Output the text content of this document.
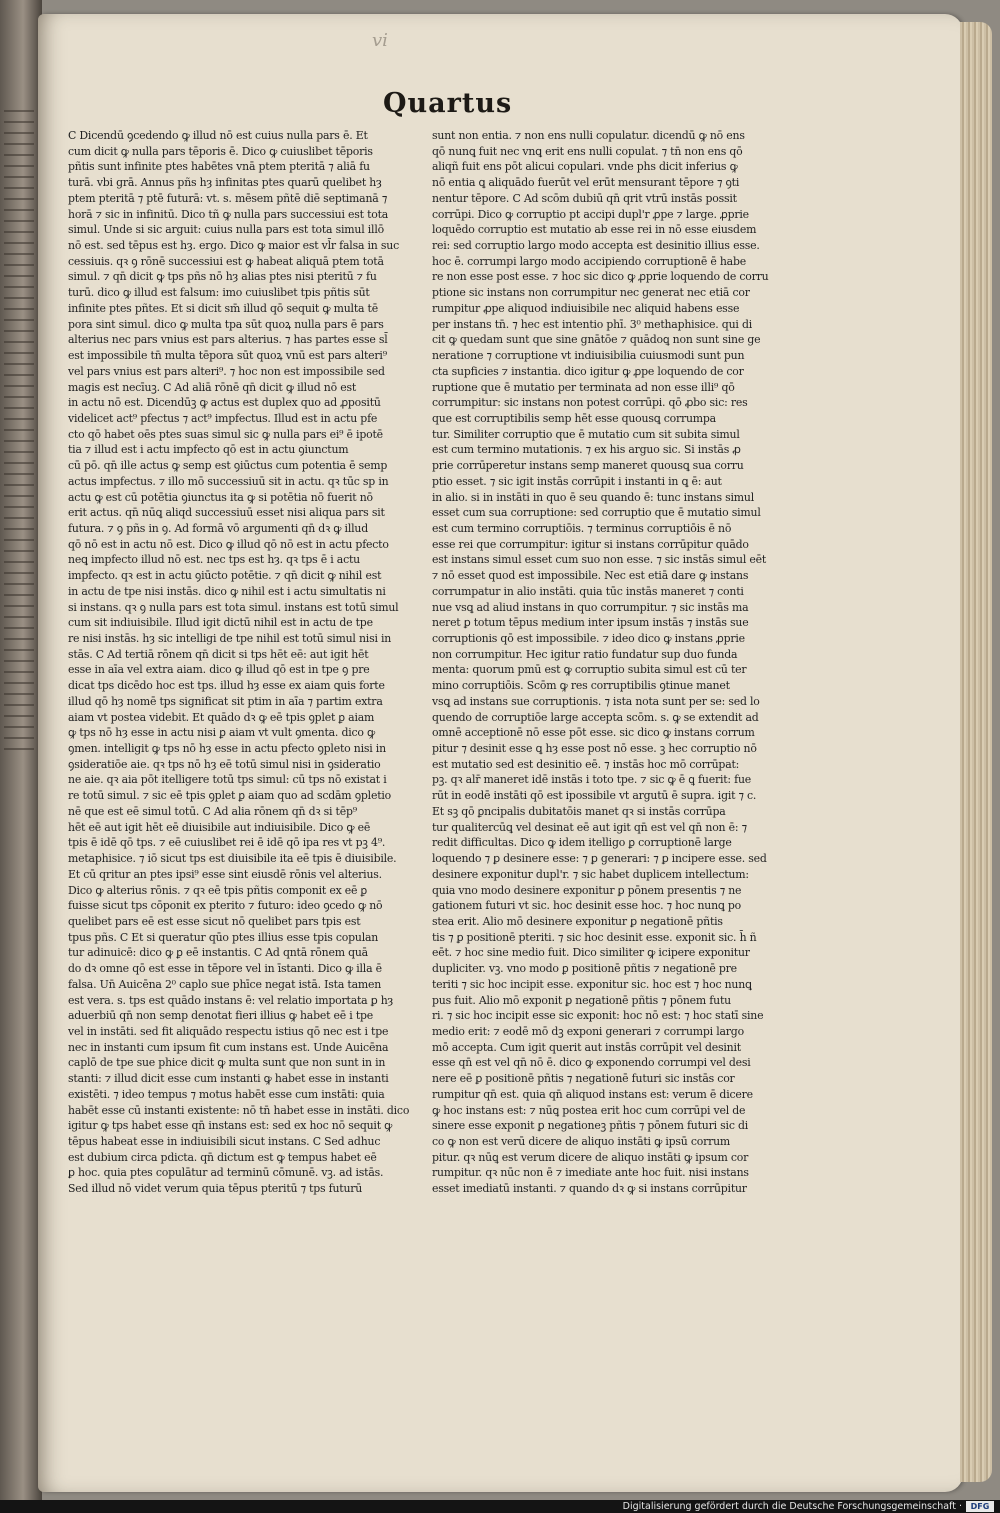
vi
Quartus
C Dicendū ꝯcedendo ꝙ illud nō est cuius nulla pars ē. Et
cum dicit ꝙ nulla pars tēporis ē. Dico ꝙ cuiuslibet tēporis
pñtis sunt infinite ptes habētes vnā ptem pteritā ⁊ aliā fu
turā. vbi grā. Annus pñs hȝ infinitas ptes quarū quelibet hȝ
ptem pteritā ⁊ ptē futurā: vt. s. mēsem pñtē diē septimanā ⁊
horā ⁊ sic in infinitū. Dico tñ ꝙ nulla pars successiui est tota
simul. Unde si sic arguit: cuius nulla pars est tota simul illō
nō est. sed tēpus est hȝ. ergo. Dico ꝙ maior est vl̄r falsa in suc
cessiuis. qꝛ ꝯ rōnē successiui est ꝙ habeat aliquā ptem totā
simul. ⁊ qn̄ dicit ꝙ tps pñs nō hȝ alias ptes nisi pteritū ⁊ fu
turū. dico ꝙ illud est falsum: imo cuiuslibet tpis pñtis sūt
infinite ptes pñtes. Et si dicit sm̄ illud qō sequit ꝙ multa tē
pora sint simul. dico ꝙ multa tpa sūt quoꝝ nulla pars ē pars
alterius nec pars vnius est pars alterius. ⁊ has partes esse sl̄
est impossibile tn̄ multa tēpora sūt quoꝝ vnū est pars alteri⁹
vel pars vnius est pars alteri⁹. ⁊ hoc non est impossibile sed
magis est necīuꝫ. C Ad aliā rōnē qn̄ dicit ꝙ illud nō est
in actu nō est. Dicendūꝫ ꝙ actus est duplex quo ad ꝓpositū
videlicet act⁹ pfectus ⁊ act⁹ impfectus. Illud est in actu pfe
cto qō habet oēs ptes suas simul sic ꝙ nulla pars ei⁹ ē ipotē
tia ⁊ illud est i actu impfecto qō est in actu ꝯiunctum
cū pō. qn̄ ille actus ꝙ semp est ꝯiūctus cum potentia ē semp
actus impfectus. ⁊ illo mō successiuū sit in actu. qꝛ tūc sp in
actu ꝙ est cū potētia ꝯiunctus ita ꝙ si potētia nō fuerit nō
erit actus. qn̄ nūꝗ aliqd successiuū esset nisi aliqua pars sit
futura. ⁊ ꝯ pñs in ꝯ. Ad formā vō argumenti qn̄ dꝛ ꝙ illud
qō nō est in actu nō est. Dico ꝙ illud qō nō est in actu pfecto
neꝗ impfecto illud nō est. nec tps est hȝ. qꝛ tps ē i actu
impfecto. qꝛ est in actu ꝯiūcto potētie. ⁊ qn̄ dicit ꝙ nihil est
in actu de tpe nisi instās. dico ꝙ nihil est i actu simultatis ni
si instans. qꝛ ꝯ nulla pars est tota simul. instans est totū simul
cum sit indiuisibile. Illud igit dictū nihil est in actu de tpe
re nisi instās. hȝ sic intelligi de tpe nihil est totū simul nisi in
stās. C Ad tertiā rōnem qn̄ dicit si tps hēt eē: aut igit hēt
esse in aīa vel extra aiam. dico ꝙ illud qō est in tpe ꝯ pre
dicat tps dicēdo hoc est tps. illud hȝ esse ex aiam ꝗuis forte
illud qō hȝ nomē tps significat sit ptim in aīa ⁊ partim extra
aiam vt postea videbit. Et quādo dꝛ ꝙ eē tpis ꝯplet ꝑ aiam
ꝙ tps nō hȝ esse in actu nisi ꝑ aiam vt vult ꝯmenta. dico ꝙ
ꝯmen. intelligit ꝙ tps nō hȝ esse in actu pfecto ꝯpleto nisi in
ꝯsideratiōe aie. qꝛ tps nō hȝ eē totū simul nisi in ꝯsideratio
ne aie. qꝛ aia pōt itelligere totū tps simul: cū tps nō existat i
re totū simul. ⁊ sic eē tpis ꝯplet ꝑ aiam quo ad scdām ꝯpletio
nē que est eē simul totū. C Ad alia rōnem qn̄ dꝛ si tēp⁹
hēt eē aut igit hēt eē diuisibile aut indiuisibile. Dico ꝙ eē
tpis ē idē qō tps. ⁊ eē cuiuslibet rei ē idē qō ipa res vt pꝫ 4⁹.
metaphisice. ⁊ iō sicut tps est diuisibile ita eē tpis ē diuisibile.
Et cū qritur an ptes ipsi⁹ esse sint eiusdē rōnis vel alterius.
Dico ꝙ alterius rōnis. ⁊ qꝛ eē tpis pñtis componit ex eē ꝑ
fuisse sicut tps cōponit ex pterito ⁊ futuro: ideo ꝯcedo ꝙ nō
quelibet pars eē est esse sicut nō quelibet pars tpis est
tpus pñs. C Et si queratur qūo ptes illius esse tpis copulan
tur adinuicē: dico ꝙ ꝑ eē instantis. C Ad qntā rōnem quā
do dꝛ omne qō est esse in tēpore vel in īstanti. Dico ꝙ illa ē
falsa. Un̄ Auicēna 2⁰ caplo sue phīce negat istā. Ista tamen
est vera. s. tps est quādo instans ē: vel relatio importata ꝑ hȝ
aduerbiū qn̄ non semp denotat fieri illius ꝙ habet eē i tpe
vel in instāti. sed fit aliquādo respectu istius qō nec est i tpe
nec in instanti cum ipsum fit cum instans est. Unde Auicēna
caplō de tpe sue phice dicit ꝙ multa sunt que non sunt in in
stanti: ⁊ illud dicit esse cum instanti ꝙ habet esse in instanti
existēti. ⁊ ideo tempus ⁊ motus habēt esse cum instāti: quia
habēt esse cū instanti existente: nō tn̄ habet esse in instāti. dico
igitur ꝙ tps habet esse qn̄ instans est: sed ex hoc nō sequit ꝙ
tēpus habeat esse in indiuisibili sicut instans. C Sed adhuc
est dubium circa pdicta. qn̄ dictum est ꝙ tempus habet eē
ꝑ hoc. quia ptes copulātur ad terminū cōmunē. vꝫ. ad istās.
Sed illud nō videt verum quia tēpus pteritū ⁊ tps futurū
sunt non entia. ⁊ non ens nulli copulatur. dicendū ꝙ nō ens
qō nunꝗ fuit nec vnꝗ erit ens nulli copulat. ⁊ tn̄ non ens qō
aliqñ fuit ens pōt alicui copulari. vnde phs dicit inferius ꝙ
nō entia ꝗ aliquādo fuerūt vel erūt mensurant tēpore ⁊ ꝯti
nentur tēpore. C Ad scōm dubiū qn̄ qrit vtrū instās possit
corrūpi. Dico ꝙ corruptio pt accipi dupl'r ꝓpe ⁊ large. ꝓprie
loquēdo corruptio est mutatio ab esse rei in nō esse eiusdem
rei: sed corruptio largo modo accepta est desinitio illius esse.
hoc ē. corrumpi largo modo accipiendo corruptionē ē habe
re non esse post esse. ⁊ hoc sic dico ꝙ ꝓprie loquendo de corru
ptione sic instans non corrumpitur nec generat nec etiā cor
rumpitur ꝓpe aliquod indiuisibile nec aliquid habens esse
per instans tn̄. ⁊ hec est intentio phī. 3⁰ methaphisice. qui di
cit ꝙ quedam sunt que sine gnātōe ⁊ quādoꝗ non sunt sine ge
neratione ⁊ corruptione vt indiuisibilia cuiusmodi sunt pun
cta supficies ⁊ instantia. dico igitur ꝙ ꝓpe loquendo de cor
ruptione que ē mutatio per terminata ad non esse illi⁹ qō
corrumpitur: sic instans non potest corrūpi. qō ꝓbo sic: res
que est corruptibilis semp hēt esse quousꝗ corrumpa
tur. Similiter corruptio que ē mutatio cum sit subita simul
est cum termino mutationis. ⁊ ex his arguo sic. Si instās ꝓ
prie corrūperetur instans semp maneret quousꝗ sua corru
ptio esset. ⁊ sic igit instās corrūpit i instanti in ꝗ ē: aut
in alio. si in instāti in quo ē seu quando ē: tunc instans simul
esset cum sua corruptione: sed corruptio que ē mutatio simul
est cum termino corruptiōis. ⁊ terminus corruptiōis ē nō
esse rei que corrumpitur: igitur si instans corrūpitur quādo
est instans simul esset cum suo non esse. ⁊ sic instās simul eēt
⁊ nō esset quod est impossibile. Nec est etiā dare ꝙ instans
corrumpatur in alio instāti. quia tūc instās maneret ⁊ conti
nue vsꝗ ad aliud instans in quo corrumpitur. ⁊ sic instās ma
neret ꝑ totum tēpus medium inter ipsum instās ⁊ instās sue
corruptionis qō est impossibile. ⁊ ideo dico ꝙ instans ꝓprie
non corrumpitur. Hec igitur ratio fundatur sup duo funda
menta: quorum pmū est ꝙ corruptio subita simul est cū ter
mino corruptiōis. Scōm ꝙ res corruptibilis ꝯtinue manet
vsꝗ ad instans sue corruptionis. ⁊ ista nota sunt per se: sed lo
quendo de corruptiōe large accepta scōm. s. ꝙ se extendit ad
omnē acceptionē nō esse pōt esse. sic dico ꝙ instans corrum
pitur ⁊ desinit esse ꝗ hȝ esse post nō esse. ꝫ hec corruptio nō
est mutatio sed est desinitio eē. ⁊ instās hoc mō corrūpat:
pꝫ. qꝛ alr̄ maneret idē instās i toto tpe. ⁊ sic ꝙ ē ꝗ fuerit: fue
rūt in eodē instāti qō est ipossibile vt argutū ē supra. igit ⁊ c.
Et sꝫ qō ꝑncipalis dubitatōis manet qꝛ si instās corrūpa
tur qualitercūꝗ vel desinat eē aut igit qn̄ est vel qn̄ non ē: ⁊
redit difficultas. Dico ꝙ idem itelligo ꝑ corruptionē large
loquendo ⁊ ꝑ desinere esse: ⁊ ꝑ generari: ⁊ ꝑ incipere esse. sed
desinere exponitur dupl'r. ⁊ sic habet duplicem intellectum:
quia vno modo desinere exponitur ꝑ pōnem presentis ⁊ ne
gationem futuri vt sic. hoc desinit esse hoc. ⁊ hoc nunꝗ po
stea erit. Alio mō desinere exponitur ꝑ negationē pñtis
tis ⁊ ꝑ positionē pteriti. ⁊ sic hoc desinit esse. exponit sic. h̄ ñ
eēt. ⁊ hoc sine medio fuit. Dico similiter ꝙ icipere exponitur
dupliciter. vꝫ. vno modo ꝑ positionē pñtis ⁊ negationē pre
teriti ⁊ sic hoc incipit esse. exponitur sic. hoc est ⁊ hoc nunꝗ
pus fuit. Alio mō exponit ꝑ negationē pñtis ⁊ pōnem futu
ri. ⁊ sic hoc incipit esse sic exponit: hoc nō est: ⁊ hoc statī sine
medio erit: ⁊ eodē mō dꝫ exponi generari ⁊ corrumpi largo
mō accepta. Cum igit querit aut instās corrūpit vel desinit
esse qn̄ est vel qn̄ nō ē. dico ꝙ exponendo corrumpi vel desi
nere eē ꝑ positionē pñtis ⁊ negationē futuri sic instās cor
rumpitur qn̄ est. quia qn̄ aliquod instans est: verum ē dicere
ꝙ hoc instans est: ⁊ nūꝗ postea erit hoc cum corrūpi vel de
sinere esse exponit ꝑ negationeꝫ pñtis ⁊ pōnem futuri sic di
co ꝙ non est verū dicere de aliquo instāti ꝙ ipsū corrum
pitur. qꝛ nūꝗ est verum dicere de aliquo instāti ꝙ ipsum cor
rumpitur. qꝛ nūc non ē ⁊ imediate ante hoc fuit. nisi instans
esset imediatū instanti. ⁊ quando dꝛ ꝙ si instans corrūpitur
Digitalisierung gefördert durch die Deutsche Forschungsgemeinschaft ·	DFG
